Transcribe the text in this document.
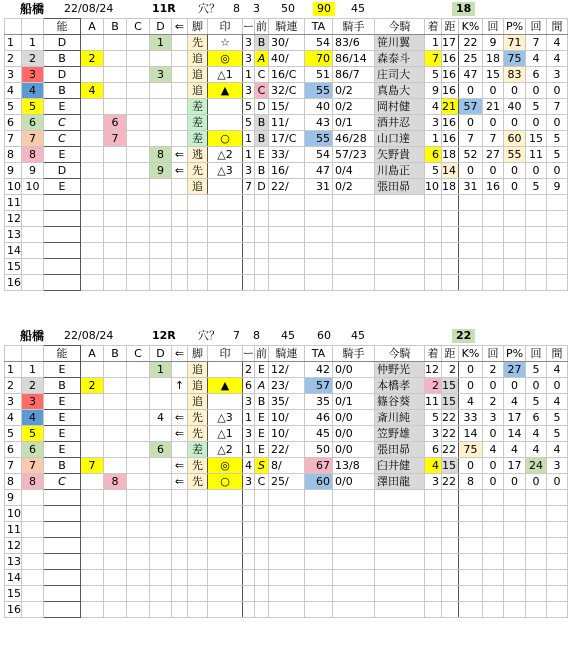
船橋 22/08/24	11R 穴？ 8 3 50	90	45	18
		能	A	B	C	D	⇐	脚	印	ー	前	騎連	TA	騎手	今騎	着	距	K%	回	P%	回	間
1	1	D				1		先	☆	3	B	30/	54	83/6	笹川翼	1	17	22	9	71	7	4
2	2	B	2					追	◎	3	A	40/	70	86/14	森泰斗	7	16	25	18	75	4	4
3	3	D				3		追	△1	1	C	16/C	51	86/7	庄司大	5	16	47	15	83	6	3
4	4	B	4					追	▲	3	C	32/C	55	0/2	真島大	9	16	0	0	0	0	0
5	5	E						差		5	D	15/	40	0/2	岡村健	4	21	57	21	40	5	7
6	6	C		6				差		5	B	11/	43	0/1	酒井忍	3	16	0	0	0	0	0
7	7	C		7				差	○	1	B	17/C	55	46/28	山口達	1	16	7	7	60	15	5
8	8	E				8	⇐	逃	△2	1	E	33/	54	57/23	矢野貴	6	18	52	27	55	11	5
9	9	D				9	⇐	先	△3	3	B	16/	47	0/4	川島正	5	14	0	0	0	0	0
10	10	E						追		7	D	22/	31	0/2	張田昴	10	18	31	16	0	5	9
11																						
12																						
13																						
14																						
15																						
16																						
船橋 22/08/24	12R 穴？ 7 8 45 60 45	22
		能	A	B	C	D	⇐	脚	印	ー	前	騎連	TA	騎手	今騎	着	距	K%	回	P%	回	間
1	1	E				1		追		2	E	12/	42	0/0	仲野光	12	2	0	2	27	5	4
2	2	B	2				↑	追	▲	6	A	23/	57	0/0	本橋孝	2	15	0	0	0	0	0
3	3	E						追		3	B	35/	35	0/1	篠谷葵	11	15	4	2	4	5	4
4	4	E				4	⇐	先	△3	1	E	10/	46	0/0	斎川純	5	22	33	3	17	6	5
5	5	E					⇐	先	△1	3	E	10/	45	0/0	笠野雄	3	22	14	0	14	4	5
6	6	E				6		差	△2	1	E	22/	50	0/0	張田昴	6	22	75	4	4	4	4
7	7	B	7				⇐	先	◎	4	S	8/	67	13/8	臼井健	4	15	0	0	17	24	3
8	8	C		8			⇐	先	○	3	C	25/	60	0/0	澤田龍	3	22	8	0	0	0	0
9																						
10																						
11																						
12																						
13																						
14																						
15																						
16																						
